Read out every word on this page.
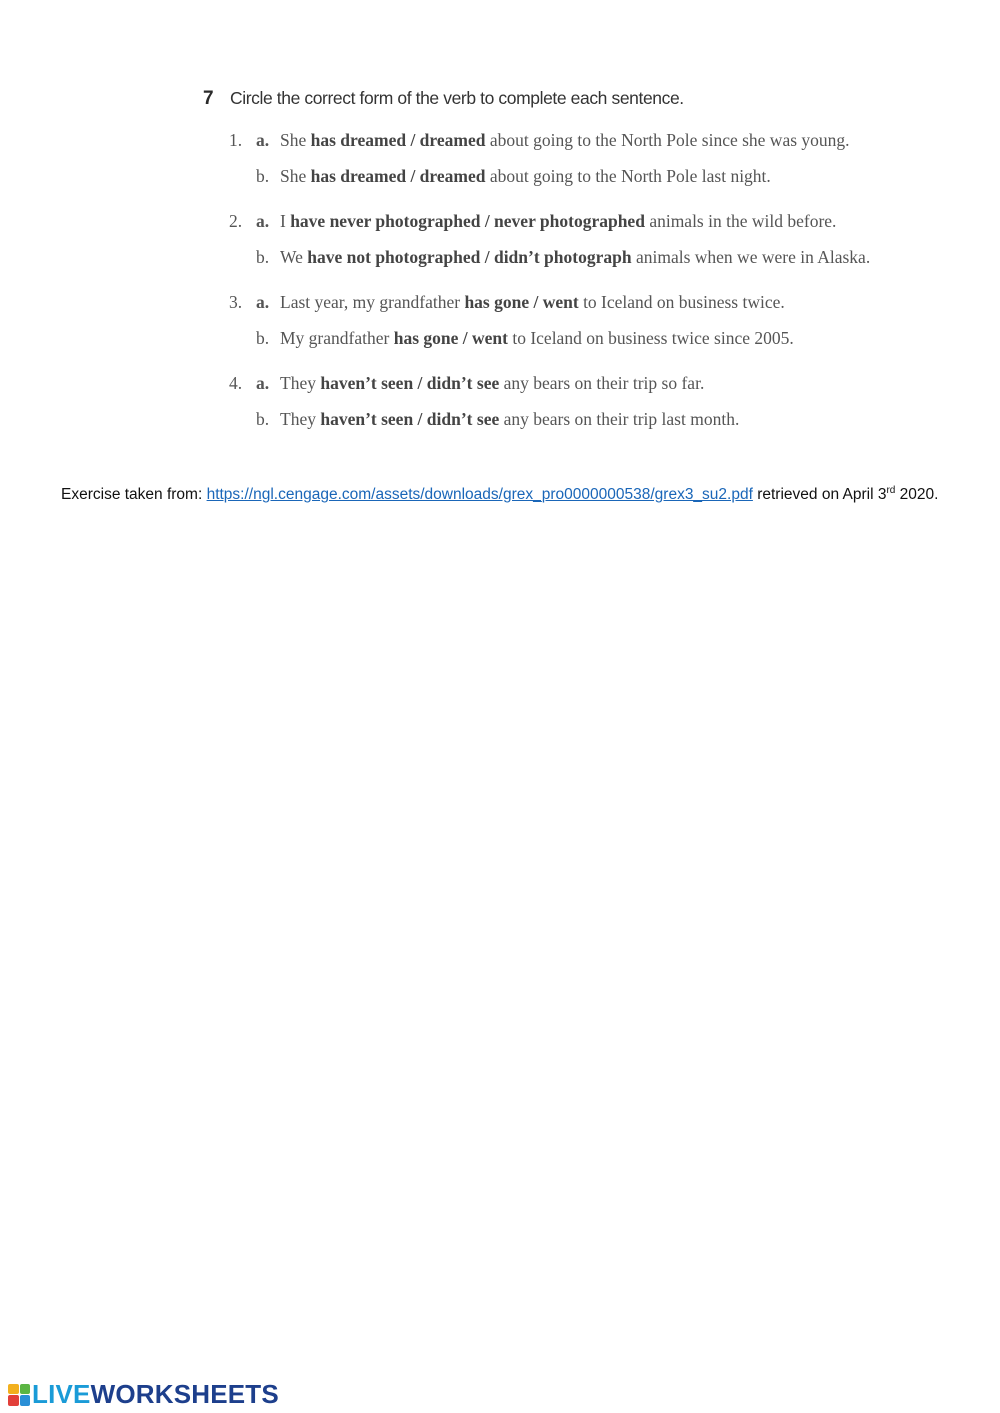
7 Circle the correct form of the verb to complete each sentence.
1. a. She has dreamed / dreamed about going to the North Pole since she was young.
b. She has dreamed / dreamed about going to the North Pole last night.
2. a. I have never photographed / never photographed animals in the wild before.
b. We have not photographed / didn’t photograph animals when we were in Alaska.
3. a. Last year, my grandfather has gone / went to Iceland on business twice.
b. My grandfather has gone / went to Iceland on business twice since 2005.
4. a. They haven’t seen / didn’t see any bears on their trip so far.
b. They haven’t seen / didn’t see any bears on their trip last month.
Exercise taken from: https://ngl.cengage.com/assets/downloads/grex_pro0000000538/grex3_su2.pdf retrieved on April 3rd 2020.
LIVEWORKSHEETS
